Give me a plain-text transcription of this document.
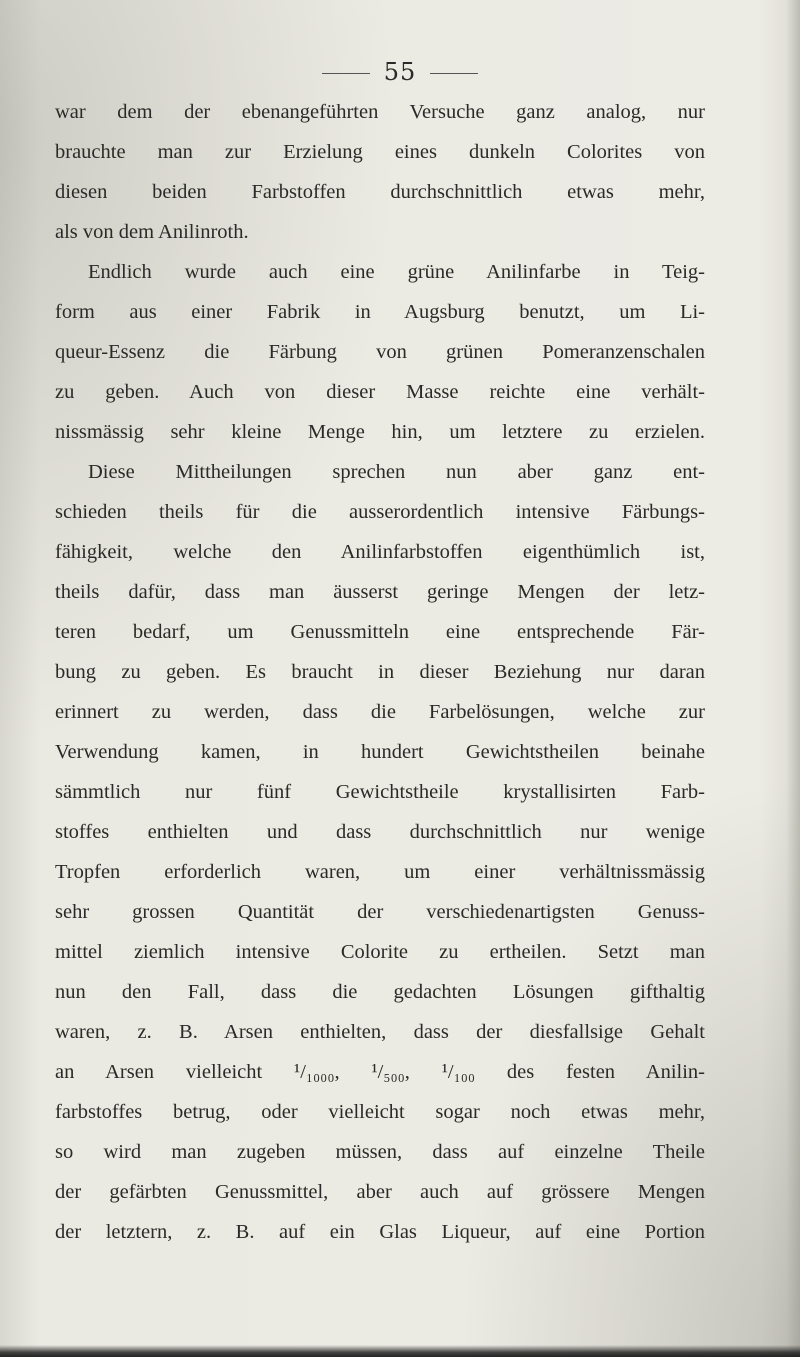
55
war dem der ebenangeführten Versuche ganz analog, nur
brauchte man zur Erzielung eines dunkeln Colorites von
diesen beiden Farbstoffen durchschnittlich etwas mehr,
als von dem Anilinroth.
Endlich wurde auch eine grüne Anilinfarbe in Teig-
form aus einer Fabrik in Augsburg benutzt, um Li-
queur-Essenz die Färbung von grünen Pomeranzenschalen
zu geben. Auch von dieser Masse reichte eine verhält-
nissmässig sehr kleine Menge hin, um letztere zu erzielen.
Diese Mittheilungen sprechen nun aber ganz ent-
schieden theils für die ausserordentlich intensive Färbungs-
fähigkeit, welche den Anilinfarbstoffen eigenthümlich ist,
theils dafür, dass man äusserst geringe Mengen der letz-
teren bedarf, um Genussmitteln eine entsprechende Fär-
bung zu geben. Es braucht in dieser Beziehung nur daran
erinnert zu werden, dass die Farbelösungen, welche zur
Verwendung kamen, in hundert Gewichtstheilen beinahe
sämmtlich nur fünf Gewichtstheile krystallisirten Farb-
stoffes enthielten und dass durchschnittlich nur wenige
Tropfen erforderlich waren, um einer verhältnissmässig
sehr grossen Quantität der verschiedenartigsten Genuss-
mittel ziemlich intensive Colorite zu ertheilen. Setzt man
nun den Fall, dass die gedachten Lösungen gifthaltig
waren, z. B. Arsen enthielten, dass der diesfallsige Gehalt
an Arsen vielleicht ¹/₁₀₀₀, ¹/₅₀₀, ¹/₁₀₀ des festen Anilin-
farbstoffes betrug, oder vielleicht sogar noch etwas mehr,
so wird man zugeben müssen, dass auf einzelne Theile
der gefärbten Genussmittel, aber auch auf grössere Mengen
der letztern, z. B. auf ein Glas Liqueur, auf eine Portion
